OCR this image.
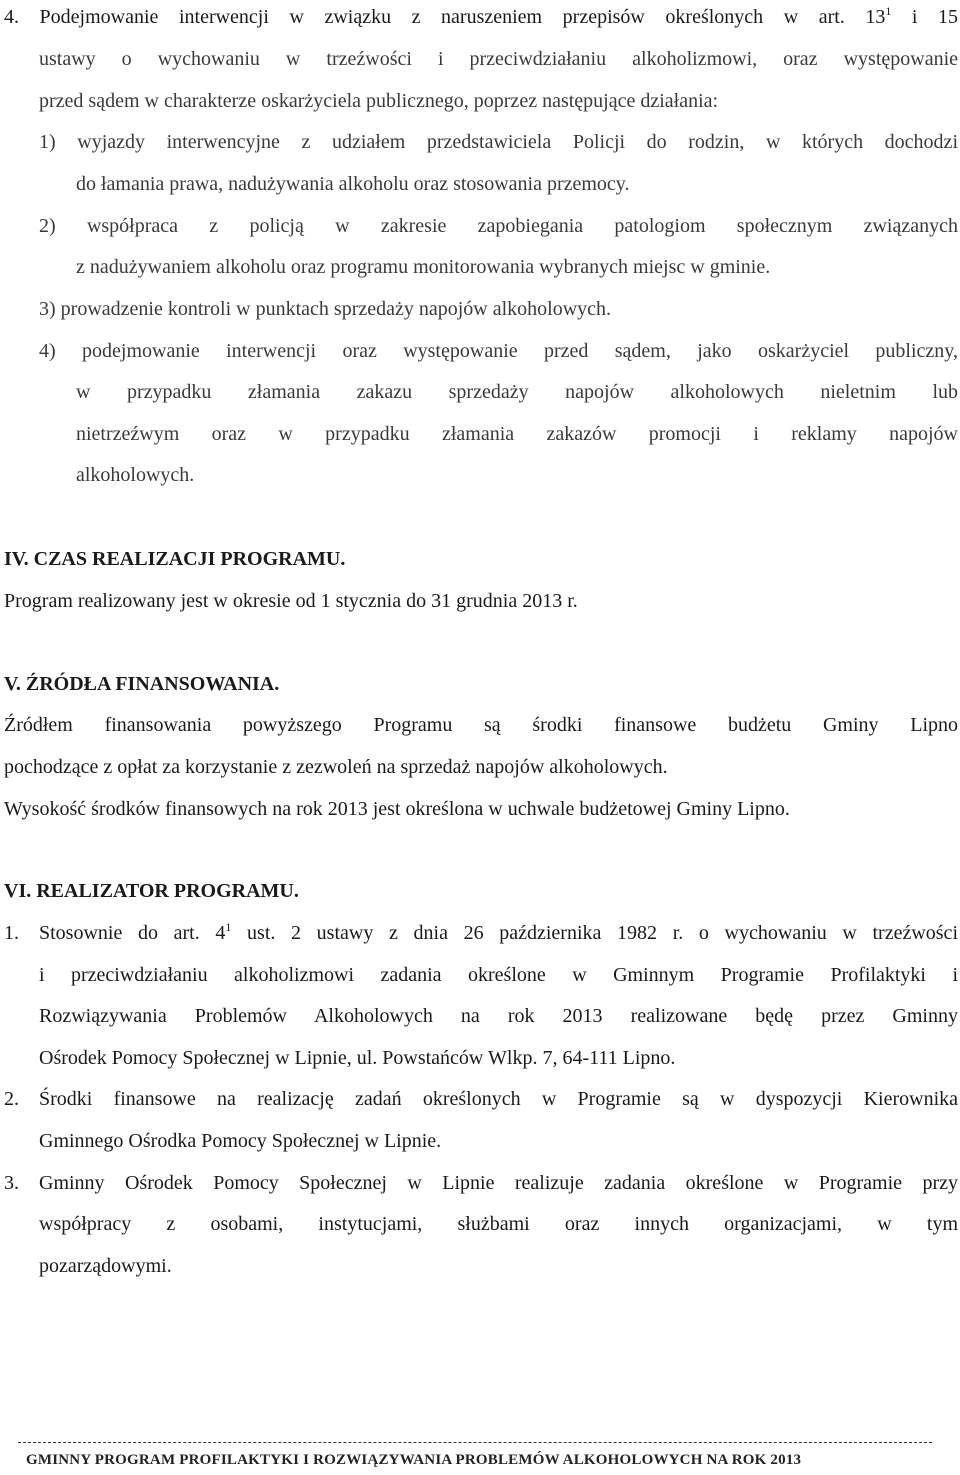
4. Podejmowanie interwencji w związku z naruszeniem przepisów określonych w art. $13^1$ i 15
ustawy o wychowaniu w trzeźwości i przeciwdziałaniu alkoholizmowi, oraz występowanie
przed sądem w charakterze oskarżyciela publicznego, poprzez następujące działania:
1) wyjazdy interwencyjne z udziałem przedstawiciela Policji do rodzin, w których dochodzi
do łamania prawa, nadużywania alkoholu oraz stosowania przemocy.
2) współpraca z policją w zakresie zapobiegania patologiom społecznym związanych
z nadużywaniem alkoholu oraz programu monitorowania wybranych miejsc w gminie.
3) prowadzenie kontroli w punktach sprzedaży napojów alkoholowych.
4) podejmowanie interwencji oraz występowanie przed sądem, jako oskarżyciel publiczny,
w przypadku złamania zakazu sprzedaży napojów alkoholowych nieletnim lub
nietrzeźwym oraz w przypadku złamania zakazów promocji i reklamy napojów
alkoholowych.
IV. CZAS REALIZACJI PROGRAMU.
Program realizowany jest w okresie od 1 stycznia do 31 grudnia 2013 r.
V. ŹRÓDŁA FINANSOWANIA.
Źródłem finansowania powyższego Programu są środki finansowe budżetu Gminy Lipno
pochodzące z opłat za korzystanie z zezwoleń na sprzedaż napojów alkoholowych.
Wysokość środków finansowych na rok 2013 jest określona w uchwale budżetowej Gminy Lipno.
VI. REALIZATOR PROGRAMU.
1.	Stosownie do art. $4^1$ ust. 2 ustawy z dnia 26 października 1982 r. o wychowaniu w trzeźwości
i przeciwdziałaniu alkoholizmowi zadania określone w Gminnym Programie Profilaktyki i
Rozwiązywania Problemów Alkoholowych na rok 2013 realizowane będę przez Gminny
Ośrodek Pomocy Społecznej w Lipnie, ul. Powstańców Wlkp. 7, 64-111 Lipno.
2.	Środki finansowe na realizację zadań określonych w Programie są w dyspozycji Kierownika
Gminnego Ośrodka Pomocy Społecznej w Lipnie.
3.	Gminny Ośrodek Pomocy Społecznej w Lipnie realizuje zadania określone w Programie przy
współpracy z osobami, instytucjami, służbami oraz innych organizacjami, w tym
pozarządowymi.
GMINNY PROGRAM PROFILAKTYKI I ROZWIĄZYWANIA PROBLEMÓW ALKOHOLOWYCH NA ROK 2013
